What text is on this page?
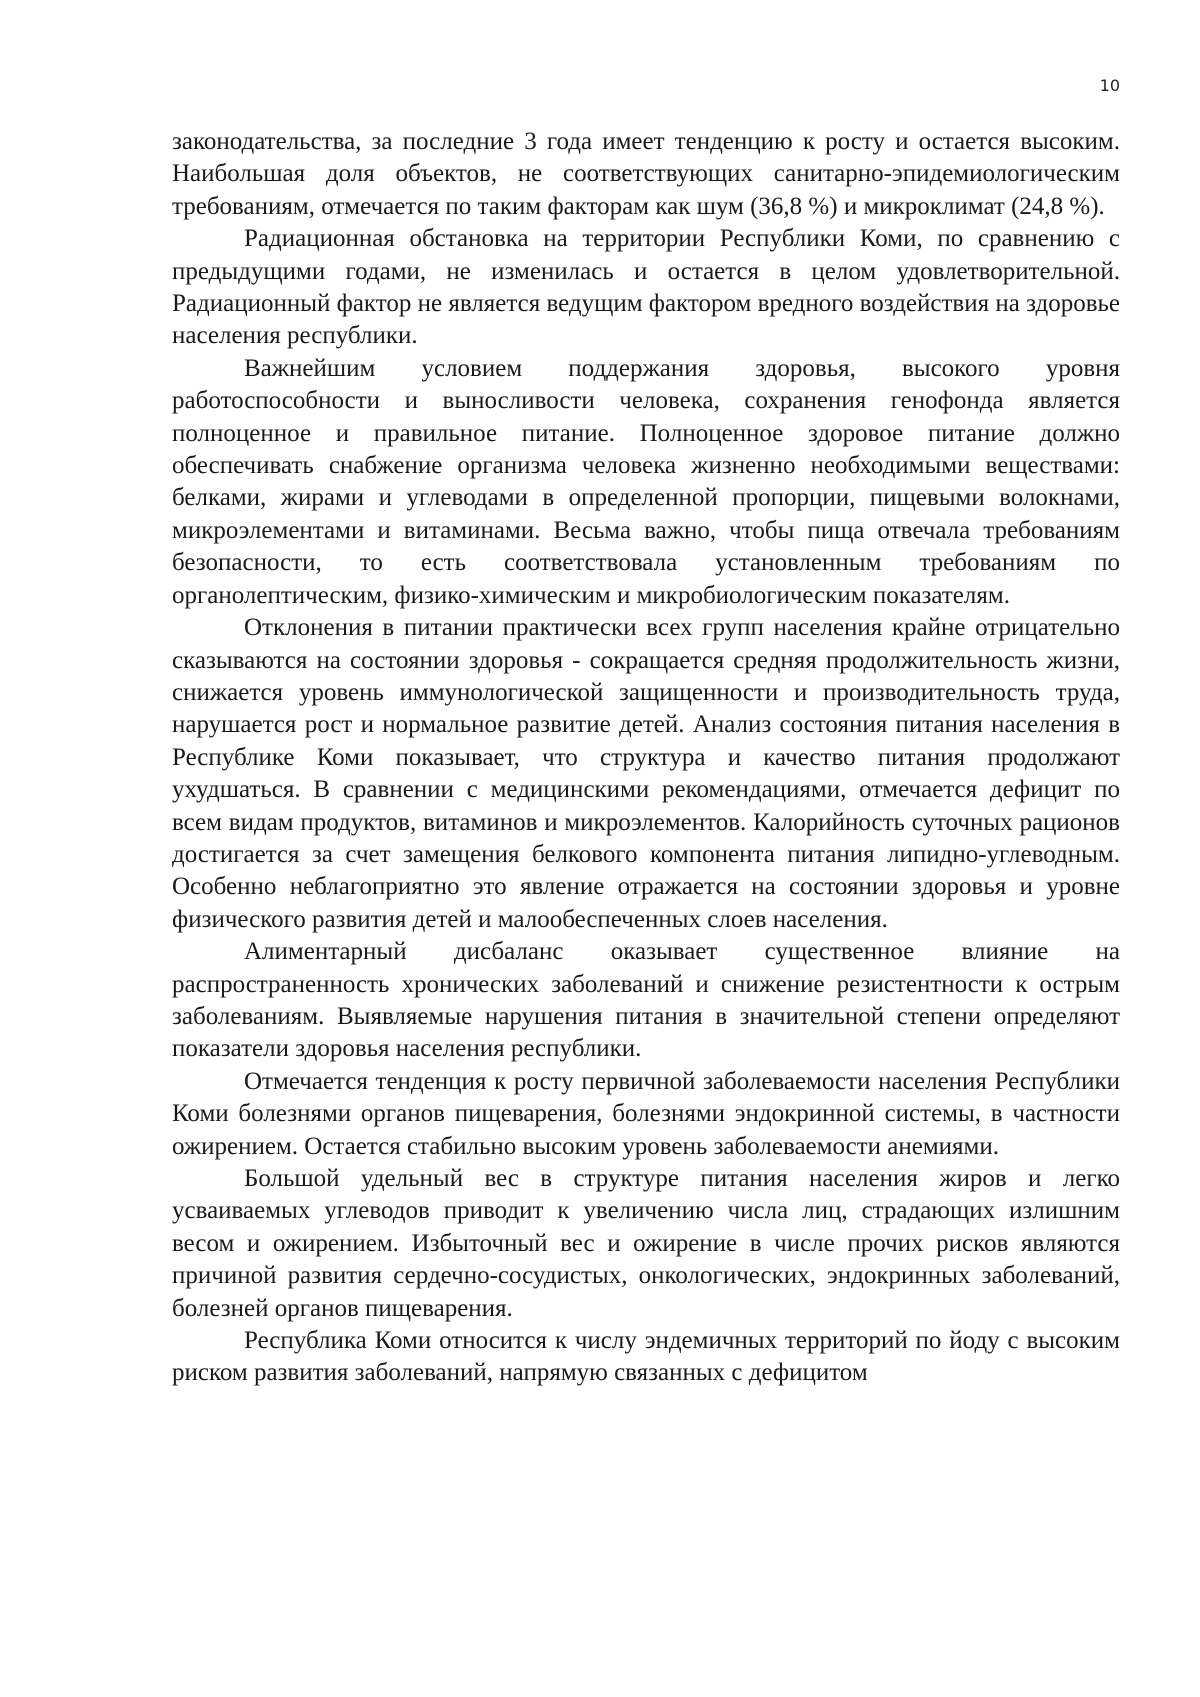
10

законодательства, за последние 3 года имеет тенденцию к росту и остается высоким. Наибольшая доля объектов, не соответствующих санитарно-эпидемиологическим требованиям, отмечается по таким факторам как шум (36,8 %) и микроклимат (24,8 %).

Радиационная обстановка на территории Республики Коми, по сравнению с предыдущими годами, не изменилась и остается в целом удовлетворительной. Радиационный фактор не является ведущим фактором вредного воздействия на здоровье населения республики.

Важнейшим условием поддержания здоровья, высокого уровня работоспособности и выносливости человека, сохранения генофонда является полноценное и правильное питание. Полноценное здоровое питание должно обеспечивать снабжение организма человека жизненно необходимыми веществами: белками, жирами и углеводами в определенной пропорции, пищевыми волокнами, микроэлементами и витаминами. Весьма важно, чтобы пища отвечала требованиям безопасности, то есть соответствовала установленным требованиям по органолептическим, физико-химическим и микробиологическим показателям.

Отклонения в питании практически всех групп населения крайне отрицательно сказываются на состоянии здоровья - сокращается средняя продолжительность жизни, снижается уровень иммунологической защищенности и производительность труда, нарушается рост и нормальное развитие детей. Анализ состояния питания населения в Республике Коми показывает, что структура и качество питания продолжают ухудшаться. В сравнении с медицинскими рекомендациями, отмечается дефицит по всем видам продуктов, витаминов и микроэлементов. Калорийность суточных рационов достигается за счет замещения белкового компонента питания липидно-углеводным. Особенно неблагоприятно это явление отражается на состоянии здоровья и уровне физического развития детей и малообеспеченных слоев населения.

Алиментарный дисбаланс оказывает существенное влияние на распространенность хронических заболеваний и снижение резистентности к острым заболеваниям. Выявляемые нарушения питания в значительной степени определяют показатели здоровья населения республики.

Отмечается тенденция к росту первичной заболеваемости населения Республики Коми болезнями органов пищеварения, болезнями эндокринной системы, в частности ожирением. Остается стабильно высоким уровень заболеваемости анемиями.

Большой удельный вес в структуре питания населения жиров и легко усваиваемых углеводов приводит к увеличению числа лиц, страдающих излишним весом и ожирением. Избыточный вес и ожирение в числе прочих рисков являются причиной развития сердечно-сосудистых, онкологических, эндокринных заболеваний, болезней органов пищеварения.

Республика Коми относится к числу эндемичных территорий по йоду с высоким риском развития заболеваний, напрямую связанных с дефицитом
